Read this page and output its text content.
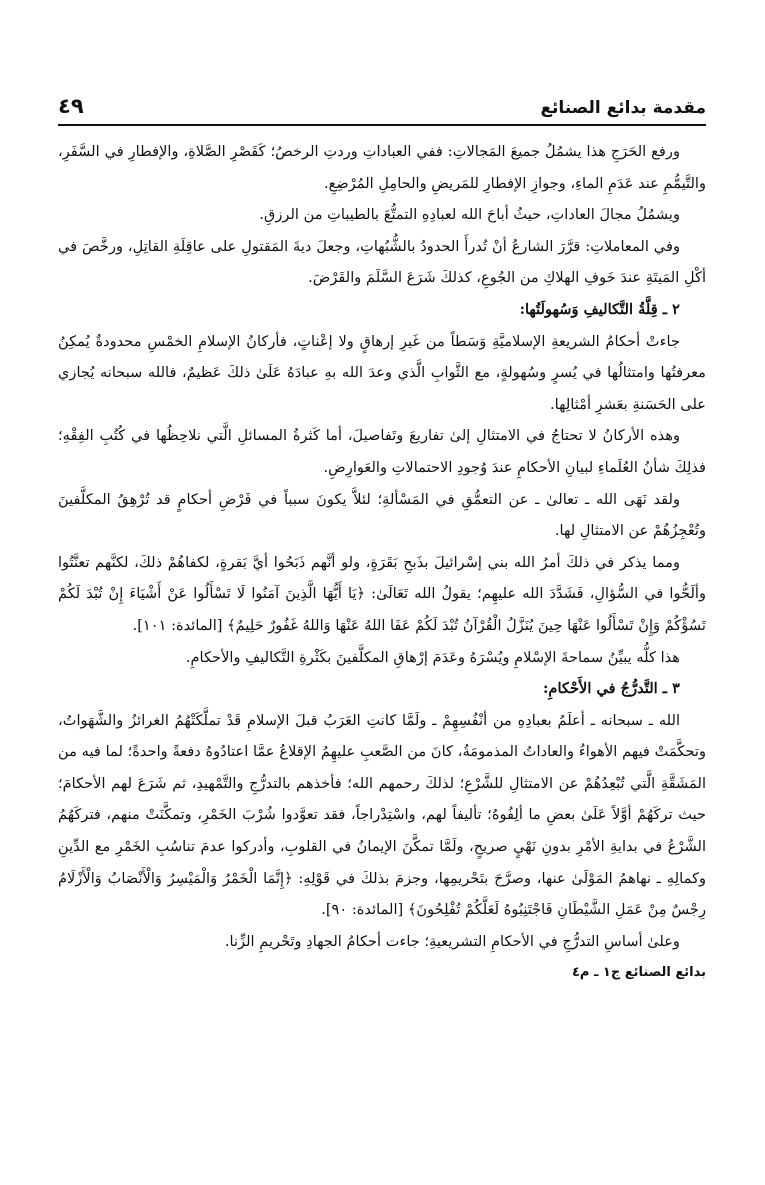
مقدمة بدائع الصنائع
٤٩

ورفع الحَرَجِ هذا يشمُلُ جميعَ المَجالاتِ: ففي العباداتِ وردتِ الرخصُ؛ كَقَصْرِ الصَّلاةِ، والإفطارِ في السَّفَرِ، والتَّيمُّمِ عند عَدَمِ الماءِ، وجوازِ الإفطارِ للمَريضِ والحامِلِ المُرْضِعِ.

ويشمُلُ مجالَ العاداتِ، حيثُ أباحَ الله لعبادِهِ التمتُّعَ بالطيباتِ من الرزقِ.

وفي المعاملاتِ: قرَّرَ الشارعُ أنْ تُدرأَ الحدودُ بالشُّبُهاتِ، وجعلَ ديةَ المَقتولِ على عاقِلَةِ القاتِلِ، ورخَّصَ في أكْلِ المَيتَةِ عندَ خَوفِ الهلاكِ من الجُوعِ، كذلكَ شَرَعَ السَّلَمَ والقَرْضَ.

٢ ـ قِلَّةُ التَّكاليفِ وَسُهولَتُها:

جاءتْ أحكامُ الشريعةِ الإسلاميَّةِ وَسَطاً من غَيرِ إرهاقٍ ولا إعْناتٍ، فأركانُ الإسلامِ الخمْسِ محدودةٌ يُمكِنُ معرفتُها وامتثالُها في يُسرٍ وسُهولةٍ، مع الثَّوابِ الَّذي وعدَ الله بهِ عبادَهُ عَلَىٰ ذلكَ عَظيمٌ، فالله سبحانه يُجازي على الحَسَنةِ بعَشرِ أمْثالِها.

وهذه الأركانُ لا تحتاجُ في الامتثالِ إلىٰ تفاريعَ وتَفاصيلَ، أما كَثرةُ المسائلِ الَّتي نلاحِظُها في كُتُبِ الفِقْهِ؛ فذلِكَ شأنُ العُلَماءِ لبيانِ الأحكامِ عندَ وُجودِ الاحتمالاتِ والعَوارِضِ.

ولقد نَهَى الله ـ تعالىٰ ـ عن التعمُّقِ في المَسْألةِ؛ لئلاَّ يكونَ سبباً في فَرْضِ أحكامٍ قد تُرْهِقُ المكلَّفينَ وتُعْجِزُهُمْ عن الامتثالِ لها.

ومما يذكر في ذلكَ أمرُ الله بني إسْرائيلَ بذَبحِ بَقَرَةٍ، ولو أنَّهم ذَبَحُوا أيَّ بَقرةٍ، لكفاهُمْ ذلكَ، لكنَّهم تعنَّتُوا وألَحُّوا في السُّؤالِ، فَشَدَّدَ الله عليهِم؛ يقولُ الله تَعَالَىٰ: ﴿يَا أَيُّهَا الَّذِينَ آمَنُوا لَا تَسْأَلُوا عَنْ أَشْيَاءَ إِنْ تُبْدَ لَكُمْ تَسُؤْكُمْ وَإِنْ تَسْأَلُوا عَنْهَا حِينَ يُنَزَّلُ الْقُرْآنُ تُبْدَ لَكُمْ عَفَا اللهُ عَنْهَا وَاللهُ غَفُورٌ حَلِيمٌ﴾ [المائدة: ١٠١].

هذا كلُّه يبيِّنُ سماحةَ الإسْلامِ ويُسْرَهُ وعَدَمَ إرْهاقِ المكلَّفينَ بكَثْرةِ التَّكاليفِ والأحكامِ.

٣ ـ التَّدرُّجُ في الأَحْكامِ:

الله ـ سبحانه ـ أعلَمُ بعبادِهِ من أنْفُسِهِمْ ـ ولَمَّا كانتِ العَرَبُ قبلَ الإسلامِ قَدْ تملَّكَتْهُمُ الغرائزُ والشَّهَواتُ، وتحكَّمَتْ فيهم الأهواءُ والعاداتُ المذمومَةُ، كانَ من الصَّعبِ عليهِمُ الإقلاعُ عمَّا اعتادُوهُ دفعةً واحدةً؛ لما فيه من المَشَقَّةِ الَّتي تُبْعِدُهُمْ عن الامتثالِ للشَّرْعِ؛ لذلكَ رحمهم الله؛ فأخذهم بالتدرُّجِ والتَّمْهيدِ، ثم شَرَعَ لهم الأحكامَ؛ حيث تركَهُمْ أوَّلاً عَلَىٰ بعضِ ما ألِفُوهُ؛ تأليفاً لهم، واسْتِدْراجاً، فقد تعوَّدوا شُرْبَ الخَمْرِ، وتمكَّنَتْ منهم، فتركَهُمُ الشَّرْعُ في بدايةِ الأمْرِ بدونِ نَهْيٍ صريحٍ، ولَمَّا تمكَّنَ الإيمانُ في القلوبِ، وأدركوا عدمَ تناسُبِ الخَمْرِ مع الدِّينِ وكمالِهِ ـ نهاهمُ المَوْلَىٰ عنها، وصرَّحَ بتَحْريمِها، وجزمَ بذلكَ في قَوْلِهِ: ﴿إِنَّمَا الْخَمْرُ وَالْمَيْسِرُ وَالْأَنْصَابُ وَالْأَزْلَامُ رِجْسٌ مِنْ عَمَلِ الشَّيْطَانِ فَاجْتَنِبُوهُ لَعَلَّكُمْ تُفْلِحُونَ﴾ [المائدة: ٩٠].

وعلىٰ أساسِ التدرُّجِ في الأحكامِ التشريعيةِ؛ جاءت أحكامُ الجهادِ وتَحْريمِ الزِّنا.

بدائع الصنائع ج١ ـ م٤
